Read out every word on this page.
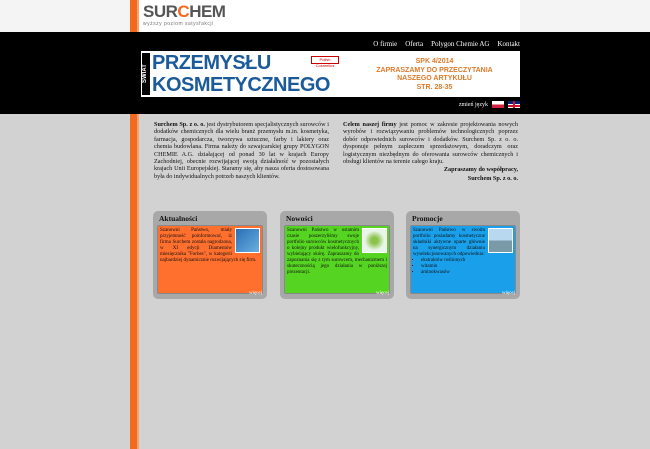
SURCHEM
wyższy poziom satysfakcji
O firmie Oferta Polygon Chemie AG Kontakt
ŚWIAT
PRZEMYSŁU
KOSMETYCZNEGO
Polish Cosmetics
SPK 4/2014
ZAPRASZAMY DO PRZECZYTANIA
NASZEGO ARTYKUŁU
STR. 28-35
zmień język
Surchem Sp. z o. o. jest dystrybutorem specjalistycznych surowców i dodatków chemicznych dla wielu branż przemysłu m.in. kosmetyka, farmacja, gospodarcza, tworzywa sztuczne, farby i lakiery oraz chemia budowlana. Firma należy do szwajcarskiej grupy POLYGON CHEMIE A.G. działającej od ponad 30 lat w krajach Europy Zachodniej, obecnie rozwijającej swoją działalność w pozostałych krajach Unii Europejskiej. Staramy się, aby nasza oferta dostosowana była do indywidualnych potrzeb naszych klientów.
Celem naszej firmy jest pomoc w zakresie projektowania nowych wyrobów i rozwiązywaniu problemów technologicznych poprzez dobór odpowiednich surowców i dodatków. Surchem Sp. z o. o. dysponuje pełnym zapleczem sprzedażowym, doradczym oraz logistycznym niezbędnym do oferowania surowców chemicznych i obsługi klientów na terenie całego kraju.
Zapraszamy do współpracy,
Surchem Sp. z o. o.
Aktualności
Szanowni Państwo, miały przyjemność poinformować, iż firma Surchem została nagrodzona, w XI edycji Diamentów miesięcznika "Forbes", w kategorii najbardziej dynamicznie rozwijających się firm.
więcej
Nowości
Szanowni Państwo w ostatnim czasie poszerzyliśmy swoje portfolio surowców kosmetycznych o kolejny produkt wielofunkcyjny, wybielający skórę. Zapraszamy do zapoznania się z tym surowcem, mechanizmem i skutecznością jego działania w poniższej prezentacji.
więcej
Promocje
Szanowni Państwo w swoim portfolio posiadamy kosmetyczne składniki aktywne oparte głównie na synergicznym działaniu wyselekcjonowanych odpowiednio:
▪ ekstraktów roślinnych
▪ witamin
▪ aminokwasów
więcej
